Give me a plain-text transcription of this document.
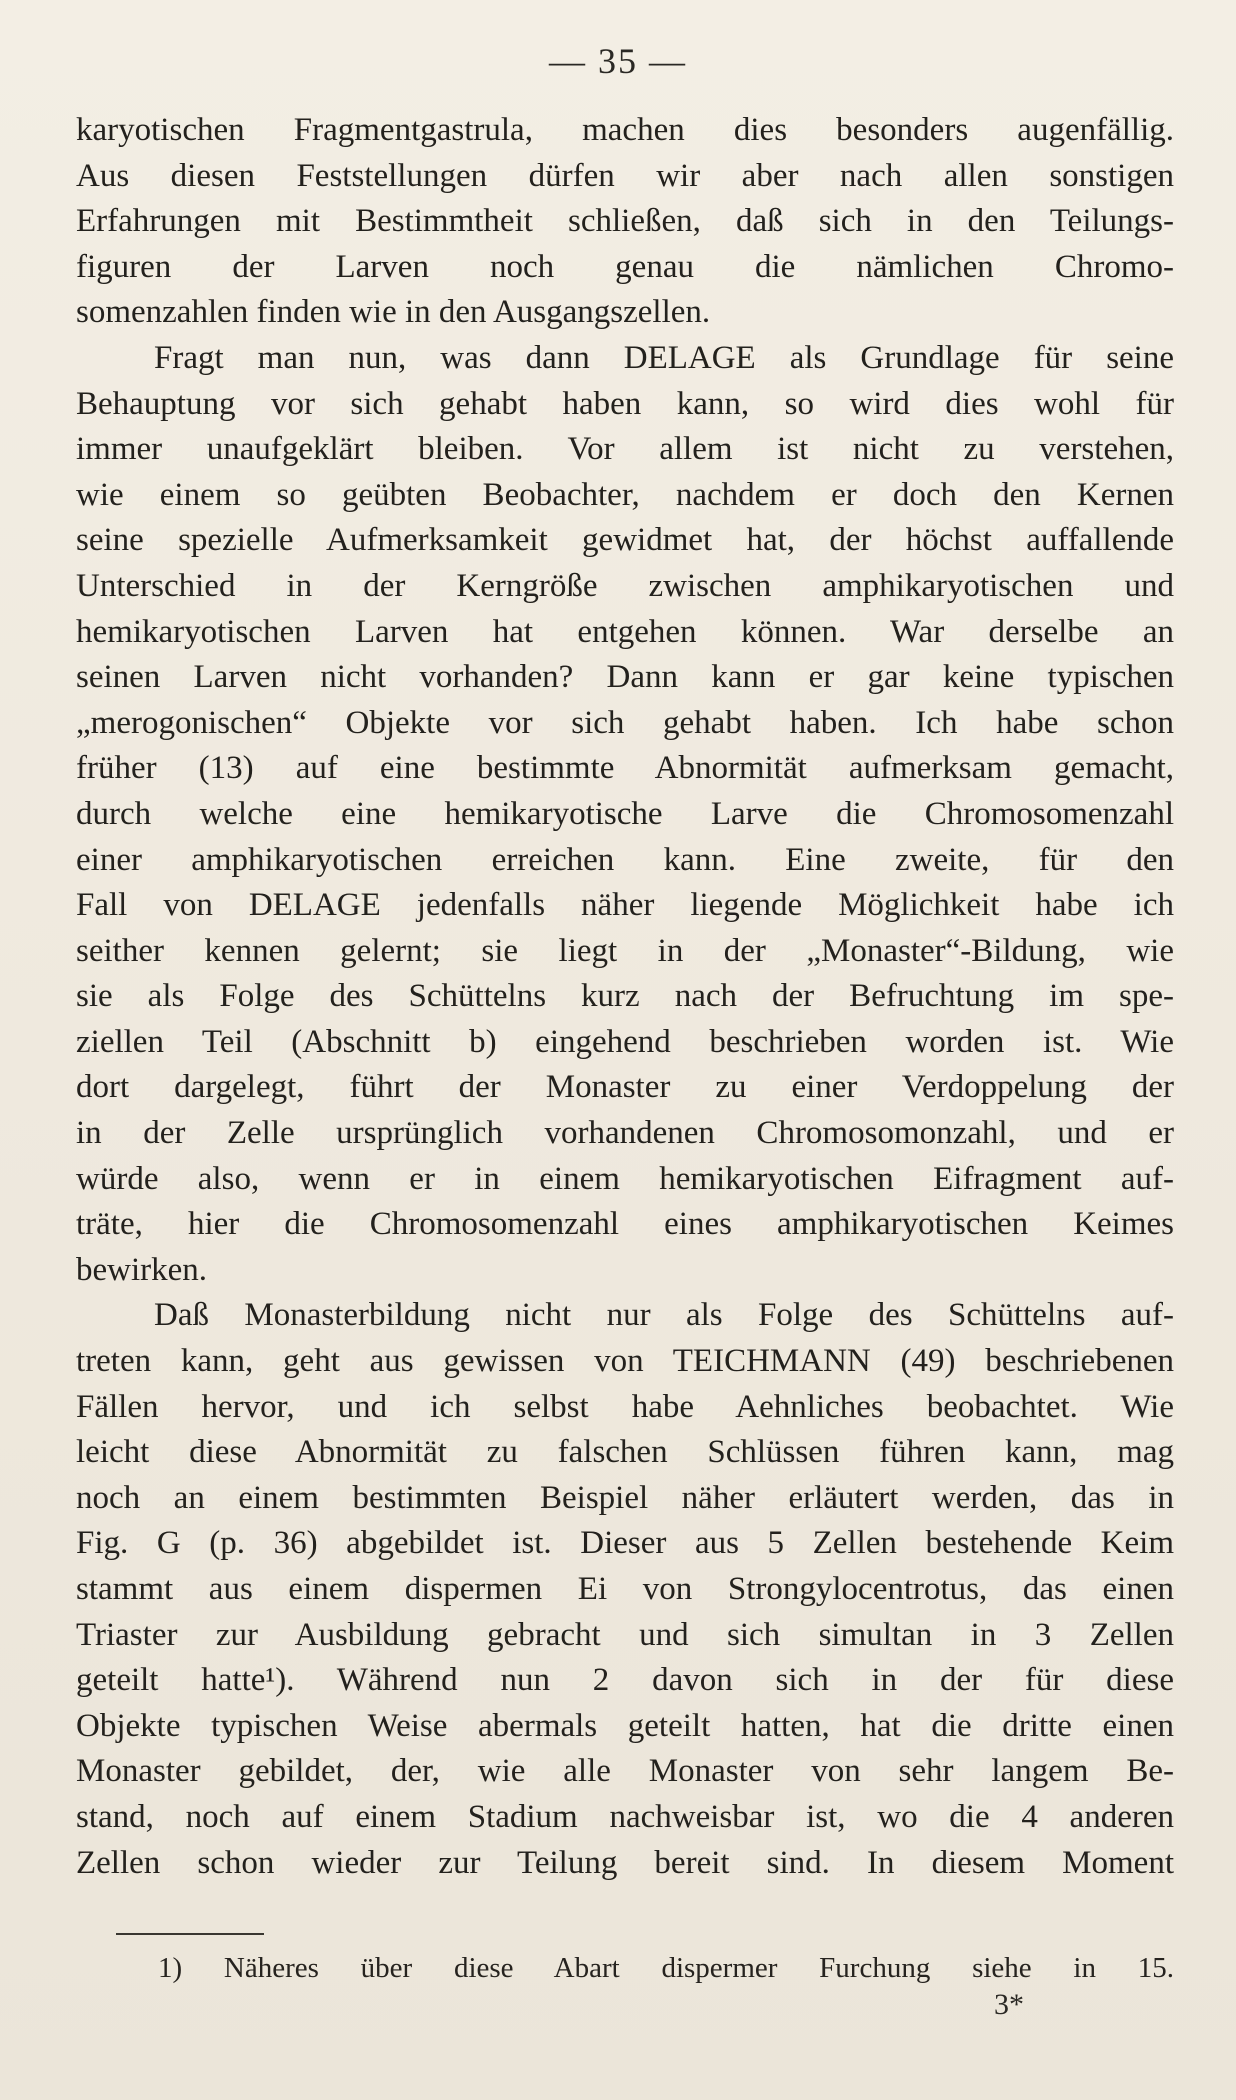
— 35 —
karyotischen Fragmentgastrula, machen dies besonders augenfällig.
Aus diesen Feststellungen dürfen wir aber nach allen sonstigen
Erfahrungen mit Bestimmtheit schließen, daß sich in den Teilungs-
figuren der Larven noch genau die nämlichen Chromo-
somenzahlen finden wie in den Ausgangszellen.
Fragt man nun, was dann DELAGE als Grundlage für seine
Behauptung vor sich gehabt haben kann, so wird dies wohl für
immer unaufgeklärt bleiben. Vor allem ist nicht zu verstehen,
wie einem so geübten Beobachter, nachdem er doch den Kernen
seine spezielle Aufmerksamkeit gewidmet hat, der höchst auffallende
Unterschied in der Kerngröße zwischen amphikaryotischen und
hemikaryotischen Larven hat entgehen können. War derselbe an
seinen Larven nicht vorhanden? Dann kann er gar keine typischen
„merogonischen“ Objekte vor sich gehabt haben. Ich habe schon
früher (13) auf eine bestimmte Abnormität aufmerksam gemacht,
durch welche eine hemikaryotische Larve die Chromosomenzahl
einer amphikaryotischen erreichen kann. Eine zweite, für den
Fall von DELAGE jedenfalls näher liegende Möglichkeit habe ich
seither kennen gelernt; sie liegt in der „Monaster“-Bildung, wie
sie als Folge des Schüttelns kurz nach der Befruchtung im spe-
ziellen Teil (Abschnitt b) eingehend beschrieben worden ist. Wie
dort dargelegt, führt der Monaster zu einer Verdoppelung der
in der Zelle ursprünglich vorhandenen Chromosomonzahl, und er
würde also, wenn er in einem hemikaryotischen Eifragment auf-
träte, hier die Chromosomenzahl eines amphikaryotischen Keimes
bewirken.
Daß Monasterbildung nicht nur als Folge des Schüttelns auf-
treten kann, geht aus gewissen von TEICHMANN (49) beschriebenen
Fällen hervor, und ich selbst habe Aehnliches beobachtet. Wie
leicht diese Abnormität zu falschen Schlüssen führen kann, mag
noch an einem bestimmten Beispiel näher erläutert werden, das in
Fig. G (p. 36) abgebildet ist. Dieser aus 5 Zellen bestehende Keim
stammt aus einem dispermen Ei von Strongylocentrotus, das einen
Triaster zur Ausbildung gebracht und sich simultan in 3 Zellen
geteilt hatte¹). Während nun 2 davon sich in der für diese
Objekte typischen Weise abermals geteilt hatten, hat die dritte einen
Monaster gebildet, der, wie alle Monaster von sehr langem Be-
stand, noch auf einem Stadium nachweisbar ist, wo die 4 anderen
Zellen schon wieder zur Teilung bereit sind. In diesem Moment
1) Näheres über diese Abart dispermer Furchung siehe in 15.
3*
